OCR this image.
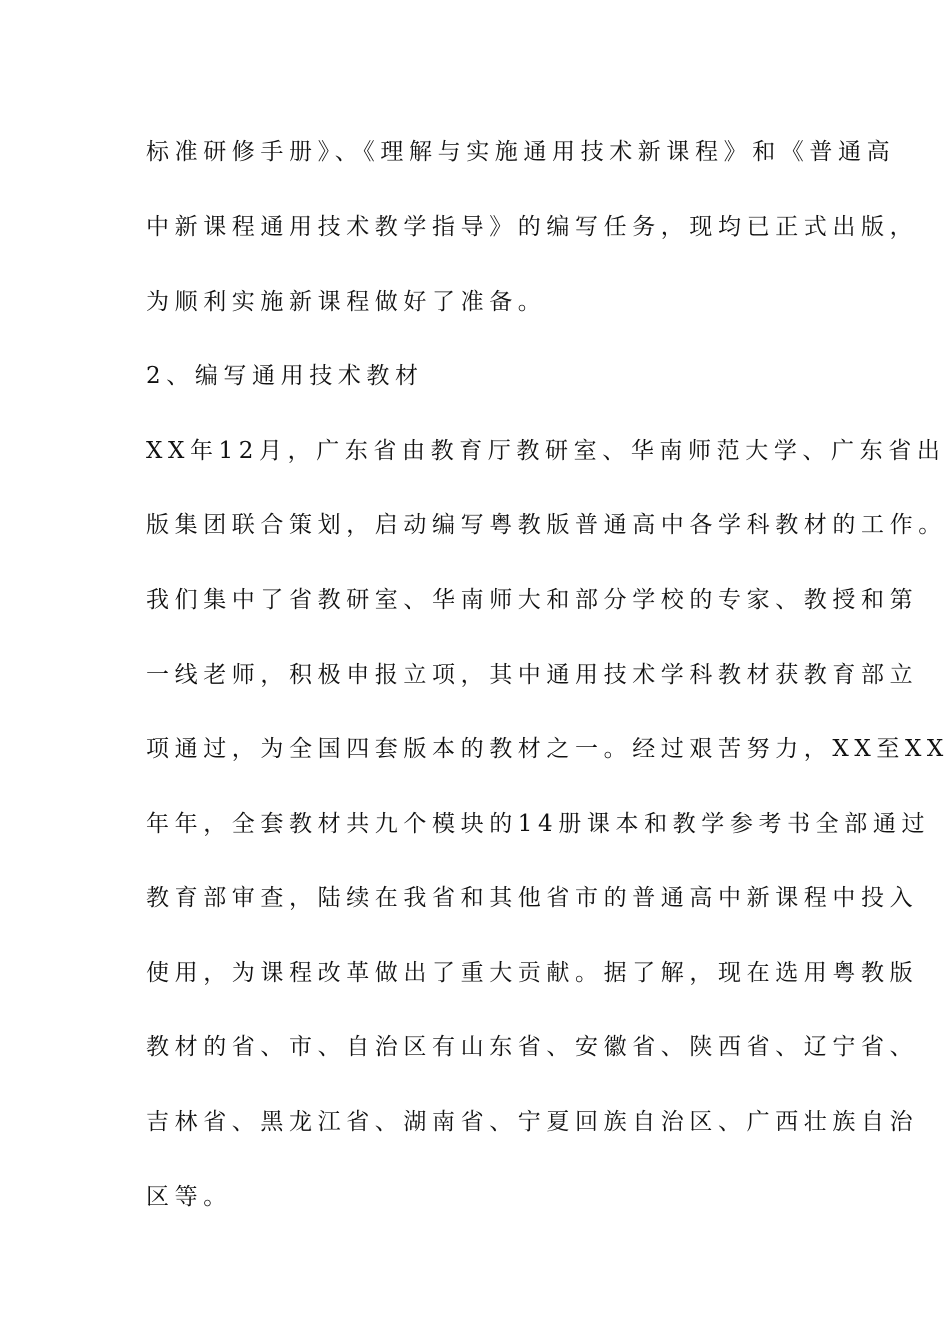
标准研修手册》、《理解与实施通用技术新课程》和《普通高
中新课程通用技术教学指导》的编写任务，现均已正式出版，
为顺利实施新课程做好了准备。
2、编写通用技术教材
XX年12月，广东省由教育厅教研室、华南师范大学、广东省出
版集团联合策划，启动编写粤教版普通高中各学科教材的工作。
我们集中了省教研室、华南师大和部分学校的专家、教授和第
一线老师，积极申报立项，其中通用技术学科教材获教育部立
项通过，为全国四套版本的教材之一。经过艰苦努力，XX至XX
年年，全套教材共九个模块的14册课本和教学参考书全部通过
教育部审查，陆续在我省和其他省市的普通高中新课程中投入
使用，为课程改革做出了重大贡献。据了解，现在选用粤教版
教材的省、市、自治区有山东省、安徽省、陕西省、辽宁省、
吉林省、黑龙江省、湖南省、宁夏回族自治区、广西壮族自治
区等。
